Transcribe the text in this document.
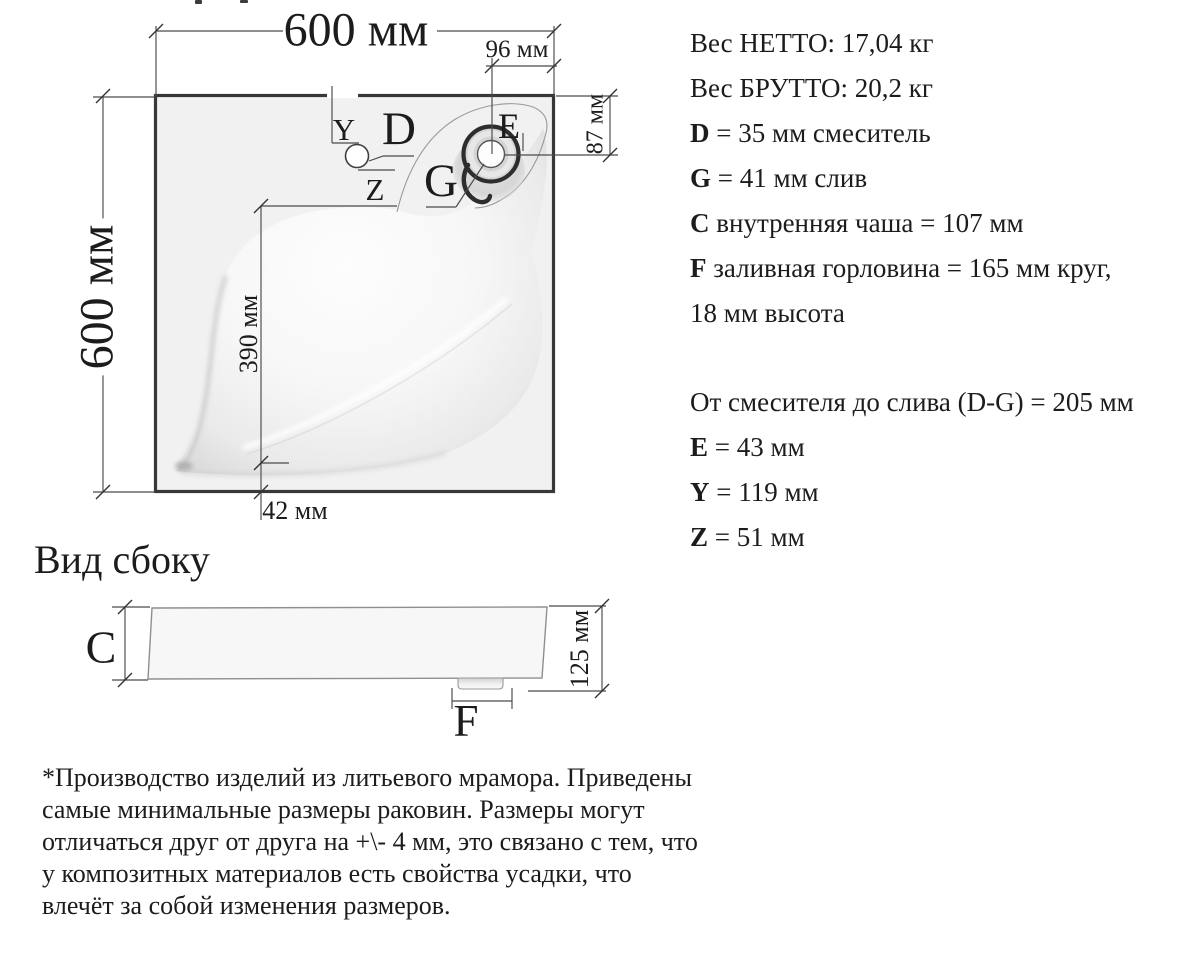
600 мм
600 мм
96 мм
87 мм
390 мм
42 мм
Y
Z
D
G
E
Вес НЕТТО: 17,04 кг
Вес БРУТТО: 20,2 кг
D = 35 мм смеситель
G = 41 мм слив
C внутренняя чаша = 107 мм
F заливная горловина = 165 мм круг,
18 мм высота
От смесителя до слива (D-G) = 205 мм
E = 43 мм
Y = 119 мм
Z = 51 мм
Вид сбоку
C
F
125 мм
*Производство изделий из литьевого мрамора. Приведены
самые минимальные размеры раковин. Размеры могут
отличаться друг от друга на +\- 4 мм, это связано с тем, что
у композитных материалов есть свойства усадки, что
влечёт за собой изменения размеров.
